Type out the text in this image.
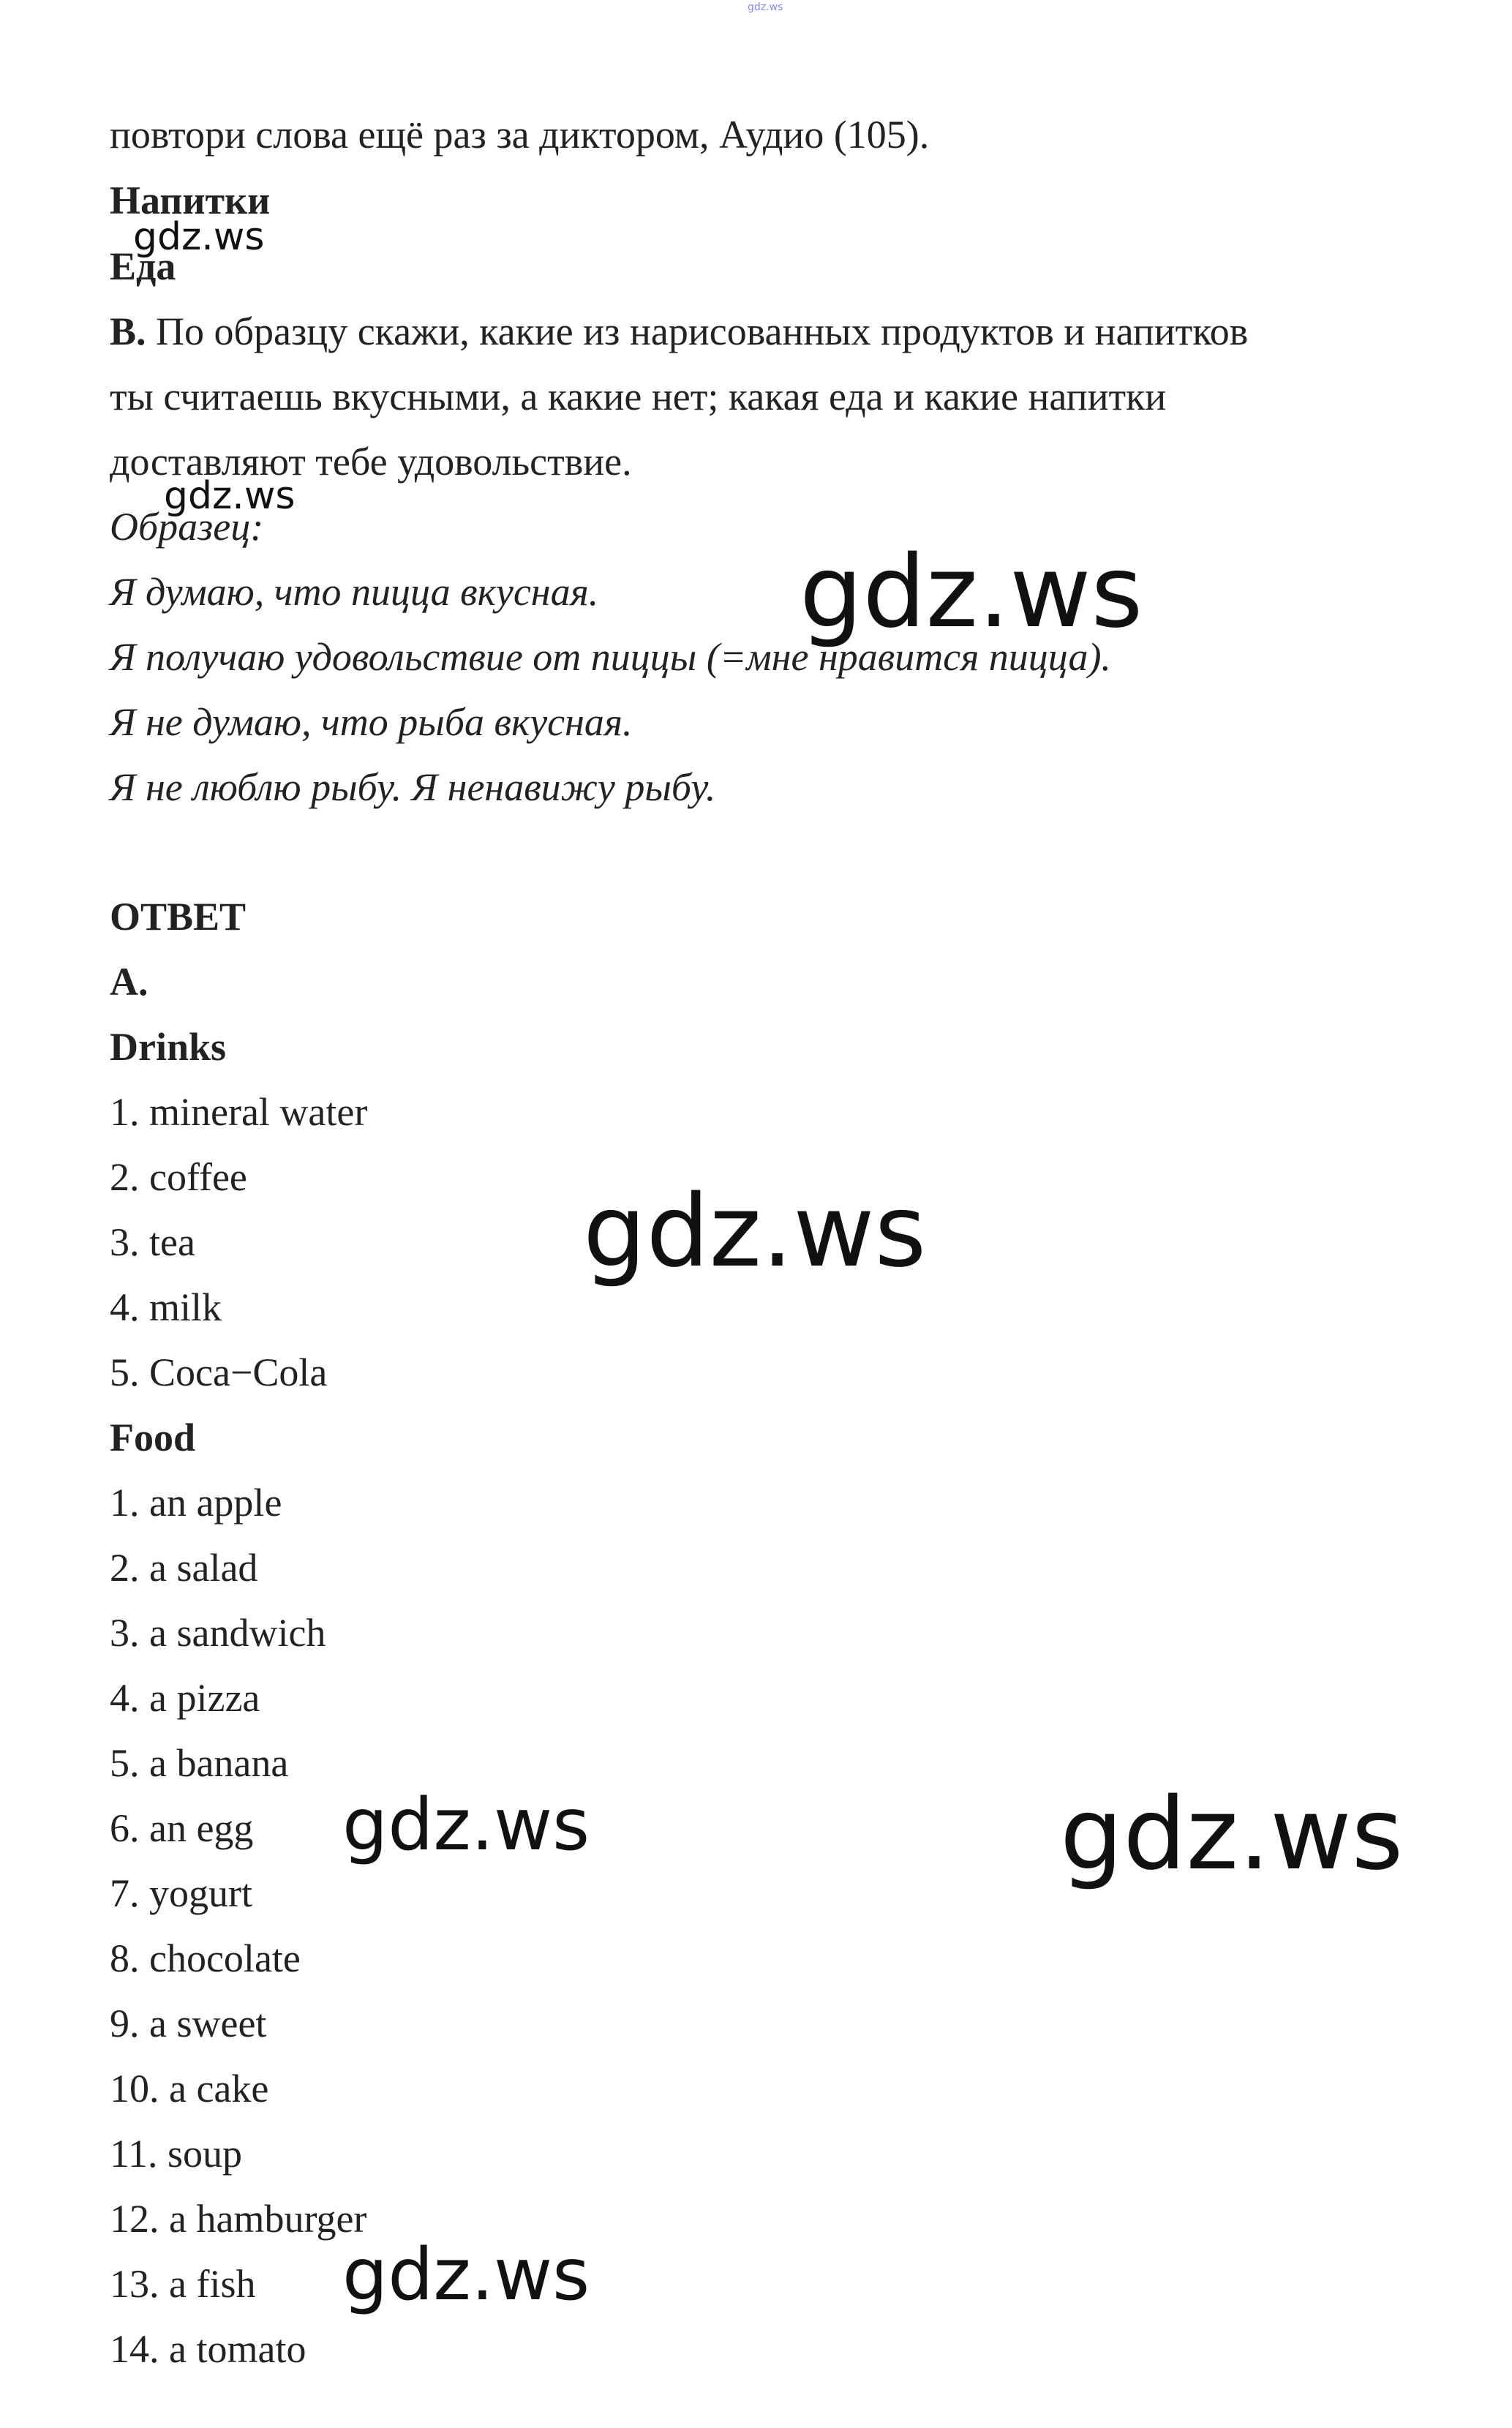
gdz.ws
повтори слова ещё раз за диктором, Аудио (105).
Напитки
Еда
B. По образцу скажи, какие из нарисованных продуктов и напитков
ты считаешь вкусными, а какие нет; какая еда и какие напитки
доставляют тебе удовольствие.
Образец:
Я думаю, что пицца вкусная.
Я получаю удовольствие от пиццы (=мне нравится пицца).
Я не думаю, что рыба вкусная.
Я не люблю рыбу. Я ненавижу рыбу.
ОТВЕТ
A.
Drinks
1. mineral water
2. coffee
3. tea
4. milk
5. Coca−Cola
Food
1. an apple
2. a salad
3. a sandwich
4. a pizza
5. a banana
6. an egg
7. yogurt
8. chocolate
9. a sweet
10. a cake
11. soup
12. a hamburger
13. a fish
14. a tomato
gdz.ws
gdz.ws
gdz.ws
gdz.ws
gdz.ws	gdz.ws
gdz.ws
